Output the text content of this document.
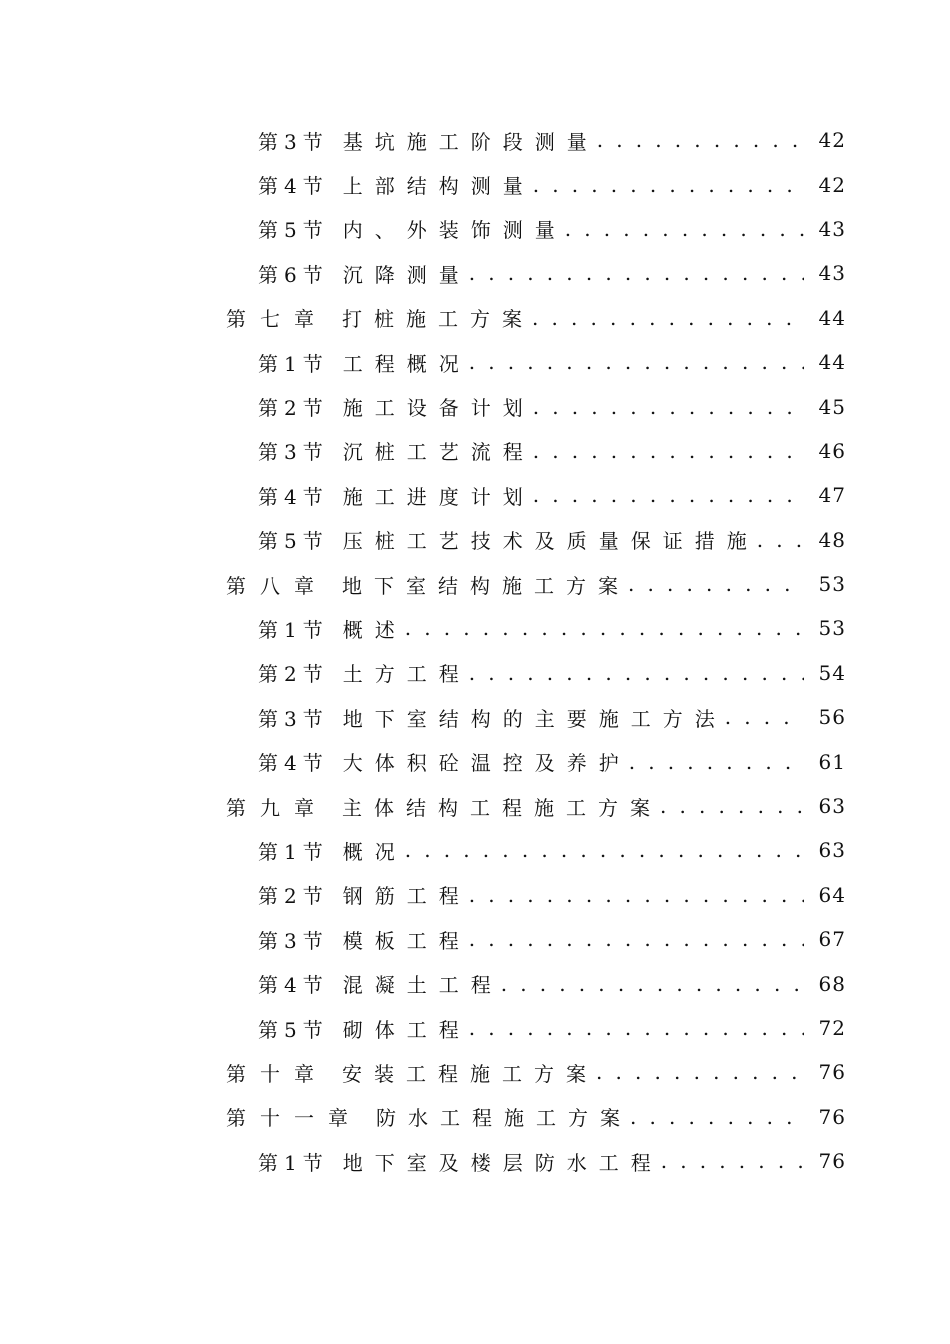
第3节 基坑施工阶段测量 . . .	42
第4节 上部结构测量 . . .	42
第5节 内、外装饰测量 . . .	43
第6节 沉降测量 . . .	43
第七章 打桩施工方案 . . .	44
第1节 工程概况 . . .	44
第2节 施工设备计划 . . .	45
第3节 沉桩工艺流程 . . .	46
第4节 施工进度计划 . . .	47
第5节 压桩工艺技术及质量保证措施 . . .	48
第八章 地下室结构施工方案 . . .	53
第1节 概述 . . .	53
第2节 土方工程 . . .	54
第3节 地下室结构的主要施工方法 . . .	56
第4节 大体积砼温控及养护 . . .	61
第九章 主体结构工程施工方案 . . .	63
第1节 概况 . . .	63
第2节 钢筋工程 . . .	64
第3节 模板工程 . . .	67
第4节 混凝土工程 . . .	68
第5节 砌体工程 . . .	72
第十章 安装工程施工方案 . . .	76
第十一章 防水工程施工方案 . . .	76
第1节 地下室及楼层防水工程 . . .	76
